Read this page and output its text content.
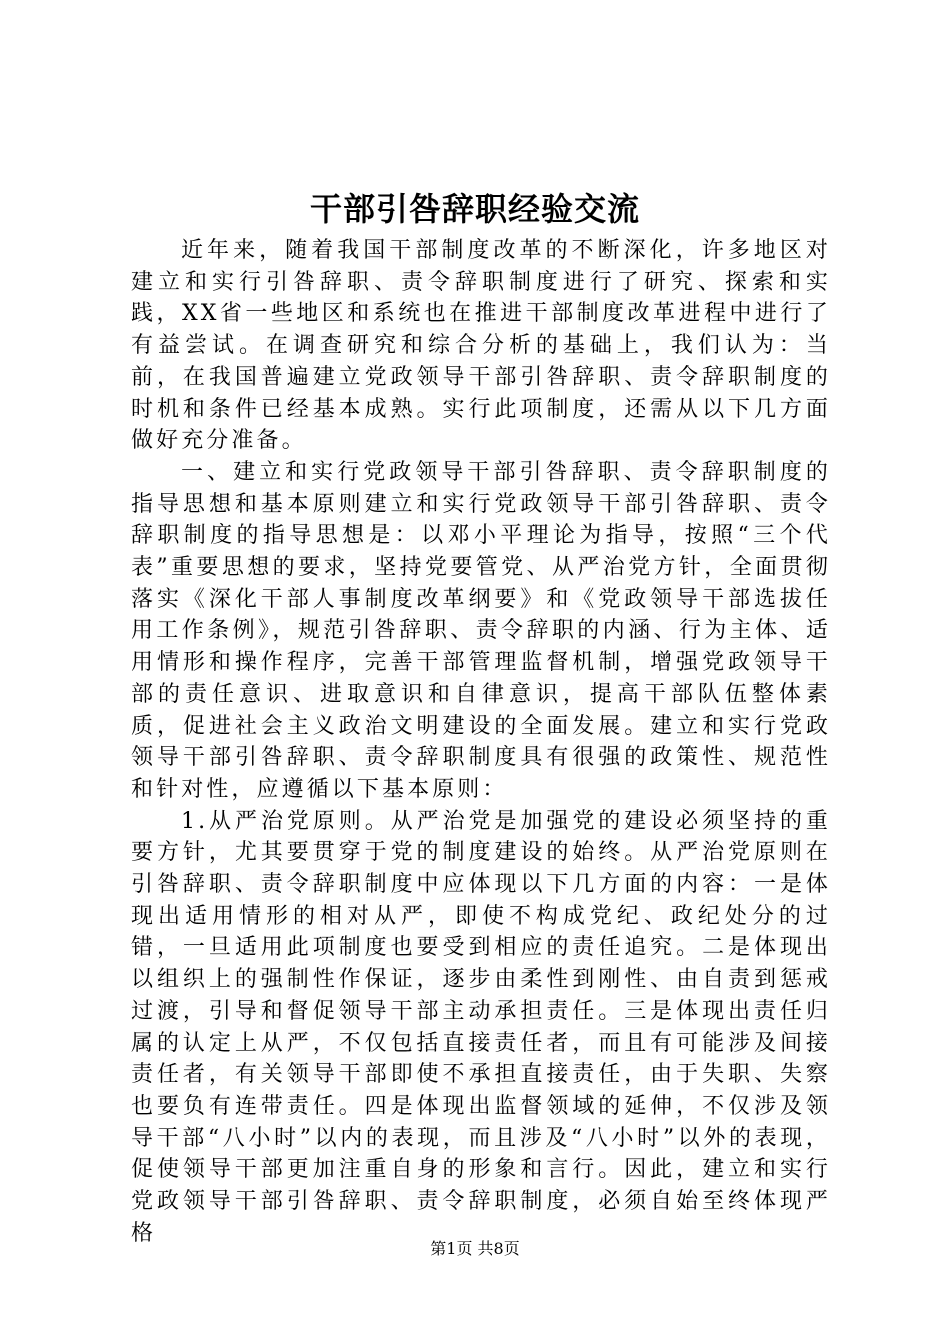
干部引咎辞职经验交流

近年来，随着我国干部制度改革的不断深化，许多地区对建立和实行引咎辞职、责令辞职制度进行了研究、探索和实践，XX省一些地区和系统也在推进干部制度改革进程中进行了有益尝试。在调查研究和综合分析的基础上，我们认为：当前，在我国普遍建立党政领导干部引咎辞职、责令辞职制度的时机和条件已经基本成熟。实行此项制度，还需从以下几方面做好充分准备。

一、建立和实行党政领导干部引咎辞职、责令辞职制度的指导思想和基本原则建立和实行党政领导干部引咎辞职、责令辞职制度的指导思想是：以邓小平理论为指导，按照“三个代表”重要思想的要求，坚持党要管党、从严治党方针，全面贯彻落实《深化干部人事制度改革纲要》和《党政领导干部选拔任用工作条例》，规范引咎辞职、责令辞职的内涵、行为主体、适用情形和操作程序，完善干部管理监督机制，增强党政领导干部的责任意识、进取意识和自律意识，提高干部队伍整体素质，促进社会主义政治文明建设的全面发展。建立和实行党政领导干部引咎辞职、责令辞职制度具有很强的政策性、规范性和针对性，应遵循以下基本原则：

1.从严治党原则。从严治党是加强党的建设必须坚持的重要方针，尤其要贯穿于党的制度建设的始终。从严治党原则在引咎辞职、责令辞职制度中应体现以下几方面的内容：一是体现出适用情形的相对从严，即使不构成党纪、政纪处分的过错，一旦适用此项制度也要受到相应的责任追究。二是体现出以组织上的强制性作保证，逐步由柔性到刚性、由自责到惩戒过渡，引导和督促领导干部主动承担责任。三是体现出责任归属的认定上从严，不仅包括直接责任者，而且有可能涉及间接责任者，有关领导干部即使不承担直接责任，由于失职、失察也要负有连带责任。四是体现出监督领域的延伸，不仅涉及领导干部“八小时”以内的表现，而且涉及“八小时”以外的表现，促使领导干部更加注重自身的形象和言行。因此，建立和实行党政领导干部引咎辞职、责令辞职制度，必须自始至终体现严格

第1页 共8页
